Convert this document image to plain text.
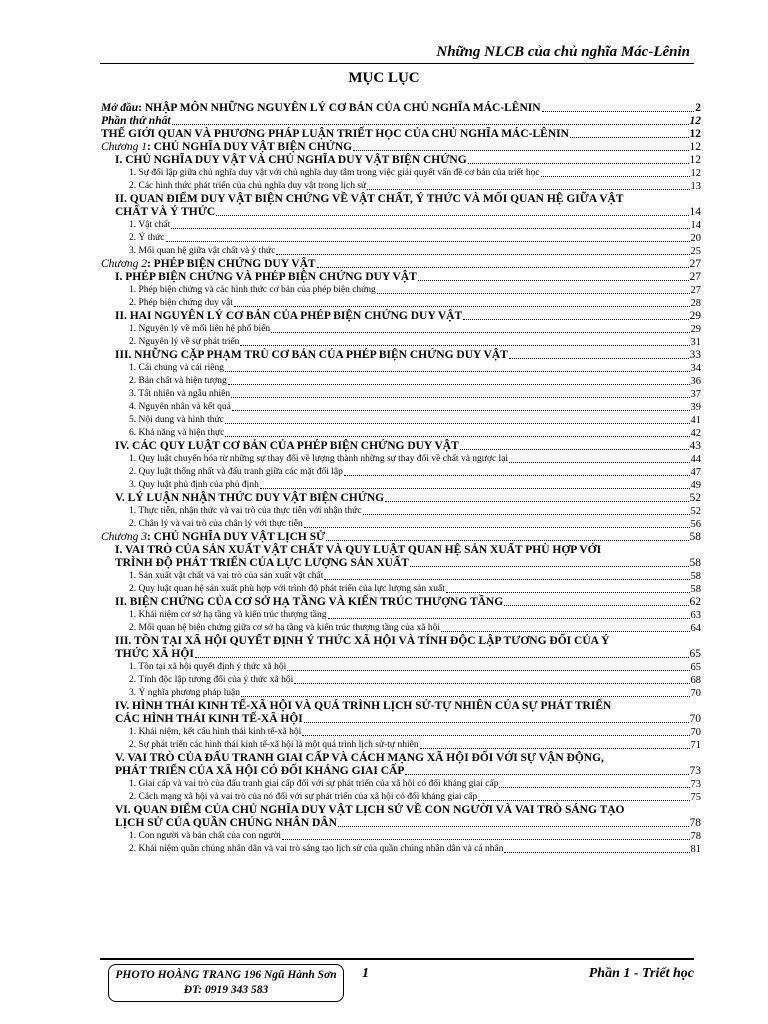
Những NLCB của chủ nghĩa Mác-Lênin
MỤC LỤC
Mở đầu: NHẬP MÔN NHỮNG NGUYÊN LÝ CƠ BẢN CỦA CHỦ NGHĨA MÁC-LÊNIN	2
Phần thứ nhất	12
THẾ GIỚI QUAN VÀ PHƯƠNG PHÁP LUẬN TRIẾT HỌC CỦA CHỦ NGHĨA MÁC-LÊNIN	12
Chương 1: CHỦ NGHĨA DUY VẬT BIỆN CHỨNG	12
I. CHỦ NGHĨA DUY VẬT VÀ CHỦ NGHĨA DUY VẬT BIỆN CHỨNG	12
1. Sự đối lập giữa chủ nghĩa duy vật với chủ nghĩa duy tâm trong việc giải quyết vấn đề cơ bản của triết học	12
2. Các hình thức phát triển của chủ nghĩa duy vật trong lịch sử	13
II. QUAN ĐIỂM DUY VẬT BIỆN CHỨNG VỀ VẬT CHẤT, Ý THỨC VÀ MỐI QUAN HỆ GIỮA VẬT
CHẤT VÀ Ý THỨC	14
1. Vật chất	14
2. Ý thức	20
3. Mối quan hệ giữa vật chất và ý thức	25
Chương 2: PHÉP BIỆN CHỨNG DUY VẬT	27
I. PHÉP BIỆN CHỨNG VÀ PHÉP BIỆN CHỨNG DUY VẬT	27
1. Phép biện chứng và các hình thức cơ bản của phép biện chứng	27
2. Phép biện chứng duy vật	28
II. HAI NGUYÊN LÝ CƠ BẢN CỦA PHÉP BIỆN CHỨNG DUY VẬT	29
1. Nguyên lý về mối liên hệ phổ biến	29
2. Nguyên lý về sự phát triển	31
III. NHỮNG CẶP PHẠM TRÙ CƠ BẢN CỦA PHÉP BIỆN CHỨNG DUY VẬT	33
1. Cái chung và cái riêng	34
2. Bản chất và hiện tượng	36
3. Tất nhiên và ngẫu nhiên	37
4. Nguyên nhân và kết quả	39
5. Nội dung và hình thức	41
6. Khả năng và hiện thực	42
IV. CÁC QUY LUẬT CƠ BẢN CỦA PHÉP BIỆN CHỨNG DUY VẬT	43
1. Quy luật chuyển hóa từ những sự thay đổi về lượng thành những sự thay đổi về chất và ngược lại	44
2. Quy luật thống nhất và đấu tranh giữa các mặt đối lập	47
3. Quy luật phủ định của phủ định	49
V. LÝ LUẬN NHẬN THỨC DUY VẬT BIỆN CHỨNG	52
1. Thực tiễn, nhận thức và vai trò của thực tiễn với nhận thức	52
2. Chân lý và vai trò của chân lý với thực tiễn	56
Chương 3: CHỦ NGHĨA DUY VẬT LỊCH SỬ	58
I. VAI TRÒ CỦA SẢN XUẤT VẬT CHẤT VÀ QUY LUẬT QUAN HỆ SẢN XUẤT PHÙ HỢP VỚI
TRÌNH ĐỘ PHÁT TRIỂN CỦA LỰC LƯỢNG SẢN XUẤT	58
1. Sản xuất vật chất và vai trò của sản xuất vật chất	58
2. Quy luật quan hệ sản xuất phù hợp với trình độ phát triển của lực lượng sản xuất	58
II. BIỆN CHỨNG CỦA CƠ SỞ HẠ TẦNG VÀ KIẾN TRÚC THƯỢNG TẦNG	62
1. Khái niệm cơ sở hạ tầng và kiến trúc thượng tầng	63
2. Mối quan hệ biện chứng giữa cơ sở hạ tầng và kiến trúc thượng tầng của xã hội	64
III. TỒN TẠI XÃ HỘI QUYẾT ĐỊNH Ý THỨC XÃ HỘI VÀ TÍNH ĐỘC LẬP TƯƠNG ĐỐI CỦA Ý
THỨC XÃ HỘI	65
1. Tồn tại xã hội quyết định ý thức xã hội	65
2. Tính độc lập tương đối của ý thức xã hội	68
3. Ý nghĩa phương pháp luận	70
IV. HÌNH THÁI KINH TẾ-XÃ HỘI VÀ QUÁ TRÌNH LỊCH SỬ-TỰ NHIÊN CỦA SỰ PHÁT TRIỂN
CÁC HÌNH THÁI KINH TẾ-XÃ HỘI	70
1. Khái niệm, kết cấu hình thái kinh tế-xã hội	70
2. Sự phát triển các hình thái kinh tế-xã hội là một quá trình lịch sử-tự nhiên	71
V. VAI TRÒ CỦA ĐẤU TRANH GIAI CẤP VÀ CÁCH MẠNG XÃ HỘI ĐỐI VỚI SỰ VẬN ĐỘNG,
PHÁT TRIỂN CỦA XÃ HỘI CÓ ĐỐI KHÁNG GIAI CẤP	73
1. Giai cấp và vai trò của đấu tranh giai cấp đối với sự phát triển của xã hội có đối kháng giai cấp	73
2. Cách mạng xã hội và vai trò của nó đối với sự phát triển của xã hội có đối kháng giai cấp	75
VI. QUAN ĐIỂM CỦA CHỦ NGHĨA DUY VẬT LỊCH SỬ VỀ CON NGƯỜI VÀ VAI TRÒ SÁNG TẠO
LỊCH SỬ CỦA QUẦN CHÚNG NHÂN DÂN	78
1. Con người và bản chất của con người	78
2. Khái niệm quần chúng nhân dân và vai trò sáng tạo lịch sử của quần chúng nhân dân và cá nhân	81
PHOTO HOÀNG TRANG 196 Ngũ Hành Sơn
ĐT: 0919 343 583
1	Phần 1 - Triết học
